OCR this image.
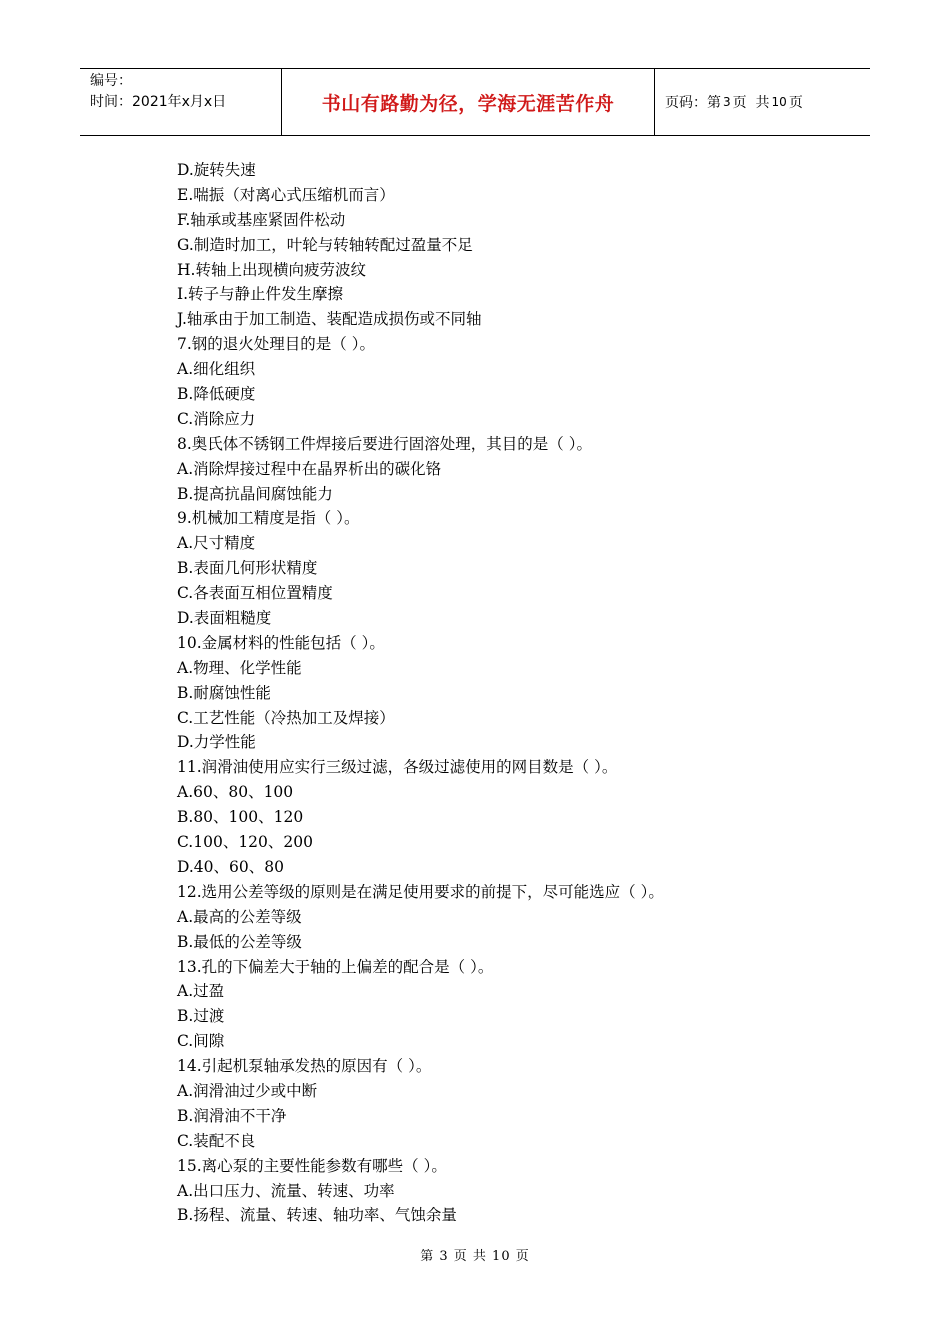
编号：
时间：2021年x月x日	书山有路勤为径，学海无涯苦作舟	页码：第 3 页  共 10 页
D.旋转失速
E.喘振（对离心式压缩机而言）
F.轴承或基座紧固件松动
G.制造时加工，叶轮与转轴转配过盈量不足
H.转轴上出现横向疲劳波纹
I.转子与静止件发生摩擦
J.轴承由于加工制造、装配造成损伤或不同轴
7.钢的退火处理目的是（ ）。
A.细化组织
B.降低硬度
C.消除应力
8.奥氏体不锈钢工件焊接后要进行固溶处理，其目的是（ ）。
A.消除焊接过程中在晶界析出的碳化铬
B.提高抗晶间腐蚀能力
9.机械加工精度是指（ ）。
A.尺寸精度
B.表面几何形状精度
C.各表面互相位置精度
D.表面粗糙度
10.金属材料的性能包括（ ）。
A.物理、化学性能
B.耐腐蚀性能
C.工艺性能（冷热加工及焊接）
D.力学性能
11.润滑油使用应实行三级过滤，各级过滤使用的网目数是（ ）。
A.60、80、100
B.80、100、120
C.100、120、200
D.40、60、80
12.选用公差等级的原则是在满足使用要求的前提下，尽可能选应（ ）。
A.最高的公差等级
B.最低的公差等级
13.孔的下偏差大于轴的上偏差的配合是（ ）。
A.过盈
B.过渡
C.间隙
14.引起机泵轴承发热的原因有（ ）。
A.润滑油过少或中断
B.润滑油不干净
C.装配不良
15.离心泵的主要性能参数有哪些（ ）。
A.出口压力、流量、转速、功率
B.扬程、流量、转速、轴功率、气蚀余量
第 3 页 共 10 页
